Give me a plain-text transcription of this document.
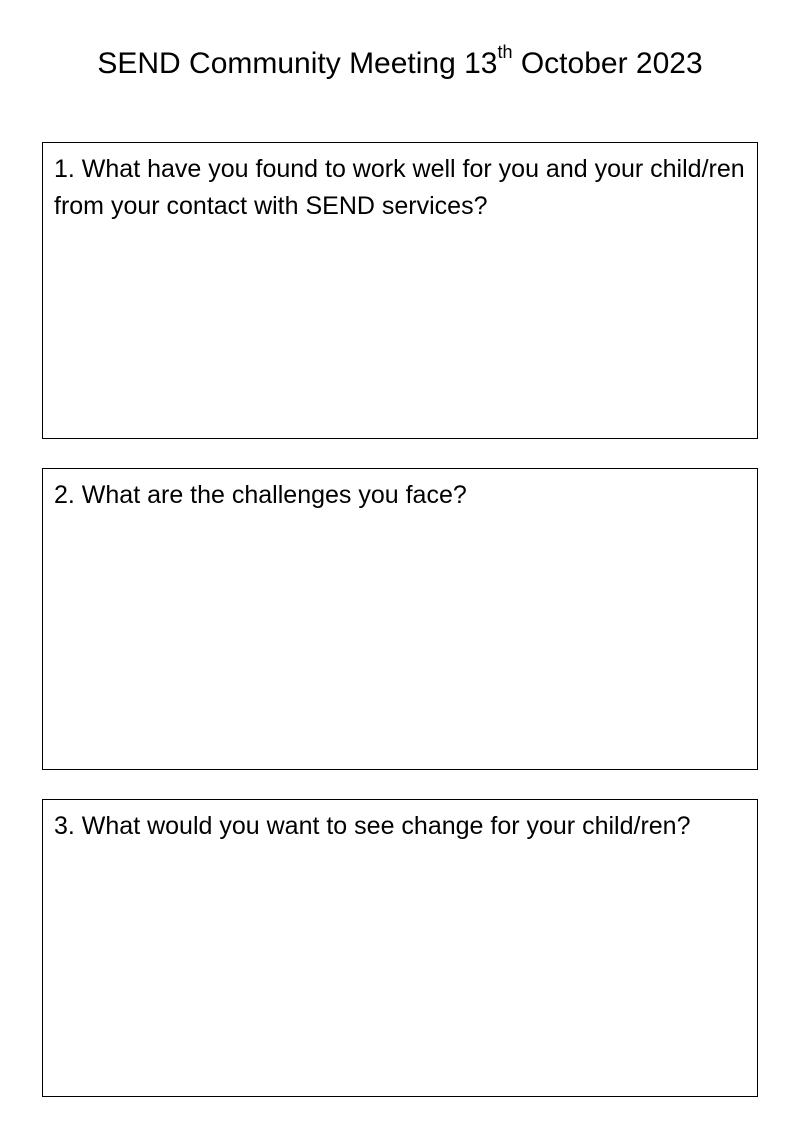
SEND Community Meeting 13th October 2023

1. What have you found to work well for you and your child/ren from your contact with SEND services?

2. What are the challenges you face?

3. What would you want to see change for your child/ren?
